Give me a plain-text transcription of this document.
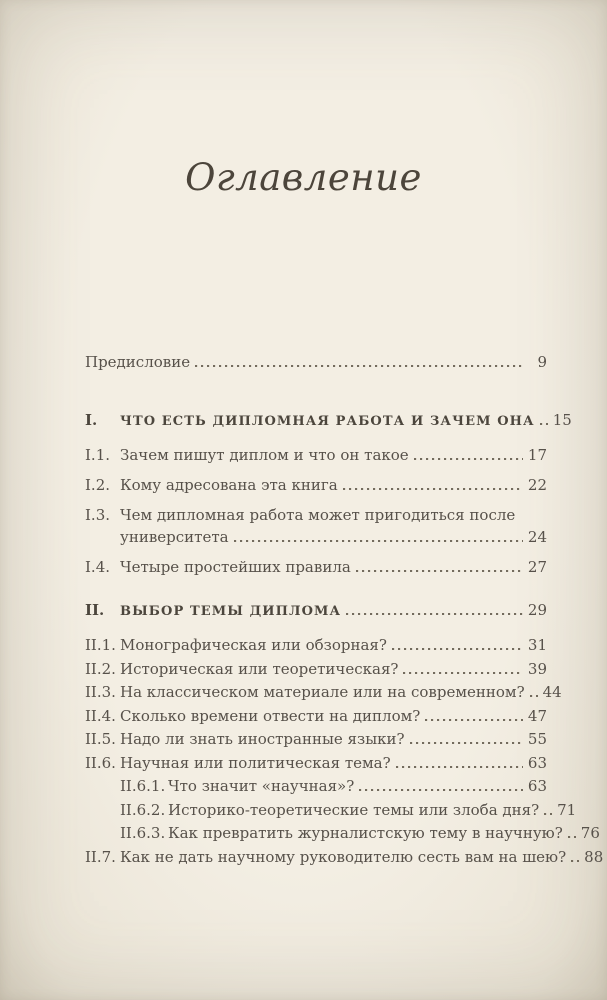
Оглавление
Предисловие	9
I.	ЧТО ЕСТЬ ДИПЛОМНАЯ РАБОТА И ЗАЧЕМ ОНА 15
I.1. Зачем пишут диплом и что он такое	17
I.2. Кому адресована эта книга	22
I.3. Чем дипломная работа может пригодиться после
университета	24
I.4. Четыре простейших правила	27
II.	ВЫБОР ТЕМЫ ДИПЛОМА	29
II.1. Монографическая или обзорная?	31
II.2. Историческая или теоретическая?	39
II.3. На классическом материале или на современном? 44
II.4. Сколько времени отвести на диплом?	47
II.5. Надо ли знать иностранные языки?	55
II.6. Научная или политическая тема?	63
II.6.1. Что значит «научная»?	63
II.6.2. Историко-теоретические темы или злоба дня? 71
II.6.3. Как превратить журналистскую тему в научную? 76
II.7. Как не дать научному руководителю сесть вам на шею? 88
